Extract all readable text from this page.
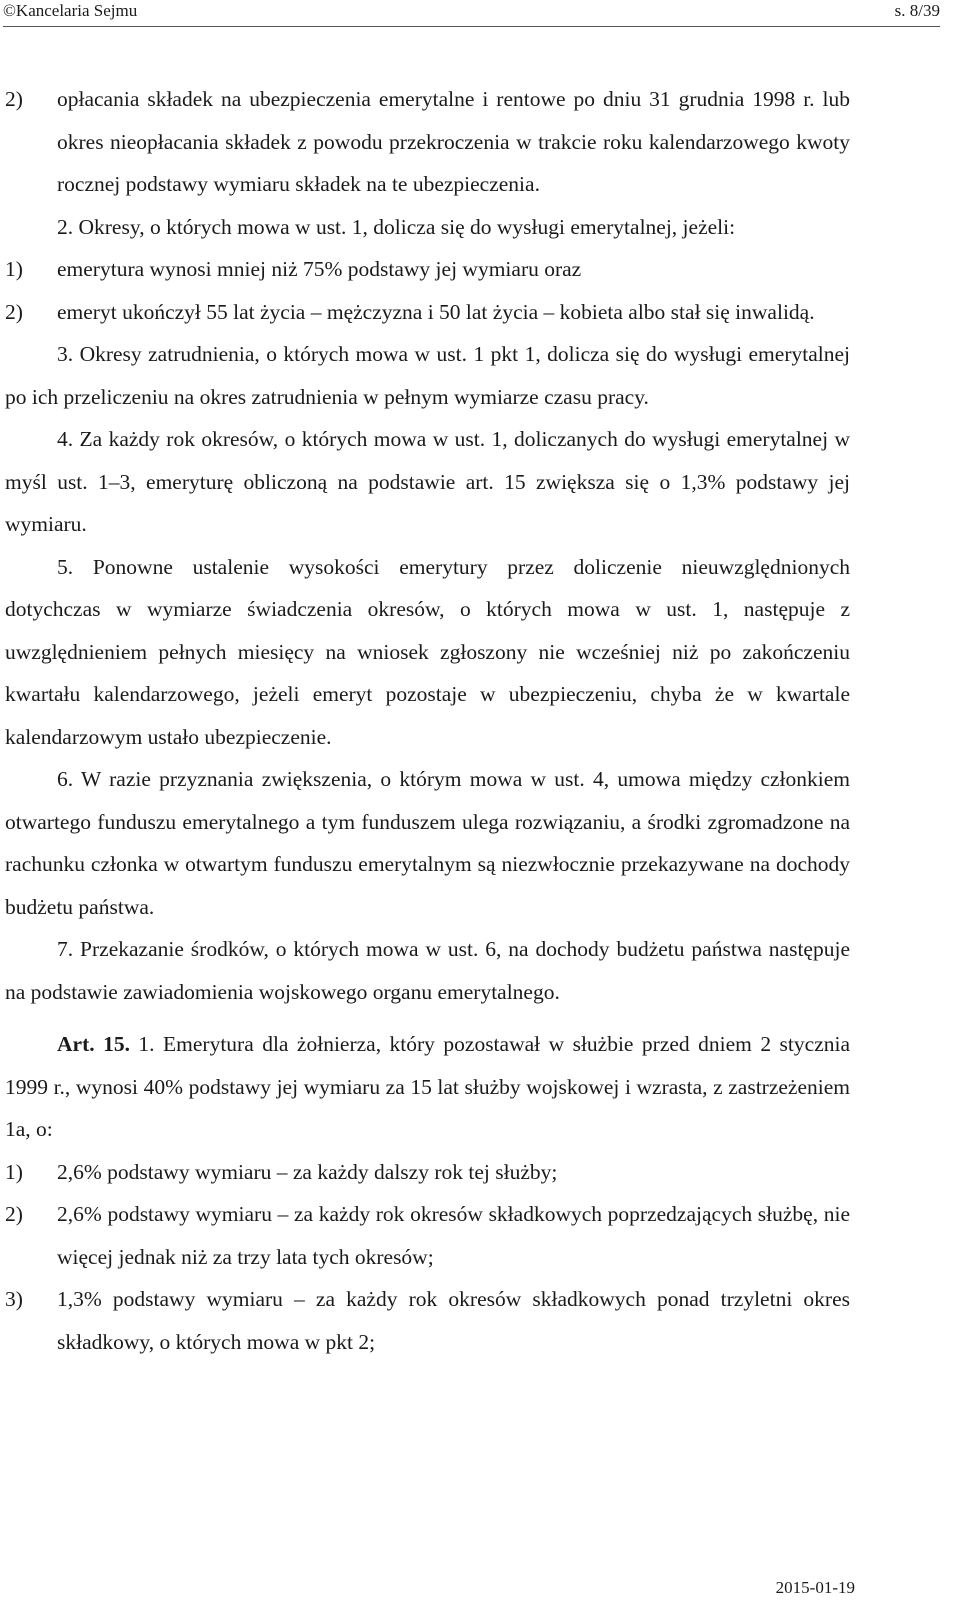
©Kancelaria Sejmu	s. 8/39
2) opłacania składek na ubezpieczenia emerytalne i rentowe po dniu 31 grudnia 1998 r. lub okres nieopłacania składek z powodu przekroczenia w trakcie roku kalendarzowego kwoty rocznej podstawy wymiaru składek na te ubezpieczenia.

2. Okresy, o których mowa w ust. 1, dolicza się do wysługi emerytalnej, jeżeli:

1) emerytura wynosi mniej niż 75% podstawy jej wymiaru oraz
2) emeryt ukończył 55 lat życia – mężczyzna i 50 lat życia – kobieta albo stał się inwalidą.

3. Okresy zatrudnienia, o których mowa w ust. 1 pkt 1, dolicza się do wysługi emerytalnej po ich przeliczeniu na okres zatrudnienia w pełnym wymiarze czasu pracy.

4. Za każdy rok okresów, o których mowa w ust. 1, doliczanych do wysługi emerytalnej w myśl ust. 1–3, emeryturę obliczoną na podstawie art. 15 zwiększa się o 1,3% podstawy jej wymiaru.

5. Ponowne ustalenie wysokości emerytury przez doliczenie nieuwzględnionych dotychczas w wymiarze świadczenia okresów, o których mowa w ust. 1, następuje z uwzględnieniem pełnych miesięcy na wniosek zgłoszony nie wcześniej niż po zakończeniu kwartału kalendarzowego, jeżeli emeryt pozostaje w ubezpieczeniu, chyba że w kwartale kalendarzowym ustało ubezpieczenie.

6. W razie przyznania zwiększenia, o którym mowa w ust. 4, umowa między członkiem otwartego funduszu emerytalnego a tym funduszem ulega rozwiązaniu, a środki zgromadzone na rachunku członka w otwartym funduszu emerytalnym są niezwłocznie przekazywane na dochody budżetu państwa.

7. Przekazanie środków, o których mowa w ust. 6, na dochody budżetu państwa następuje na podstawie zawiadomienia wojskowego organu emerytalnego.

Art. 15. 1. Emerytura dla żołnierza, który pozostawał w służbie przed dniem 2 stycznia 1999 r., wynosi 40% podstawy jej wymiaru za 15 lat służby wojskowej i wzrasta, z zastrzeżeniem 1a, o:

1) 2,6% podstawy wymiaru – za każdy dalszy rok tej służby;
2) 2,6% podstawy wymiaru – za każdy rok okresów składkowych poprzedzających służbę, nie więcej jednak niż za trzy lata tych okresów;
3) 1,3% podstawy wymiaru – za każdy rok okresów składkowych ponad trzyletni okres składkowy, o których mowa w pkt 2;
2015-01-19
